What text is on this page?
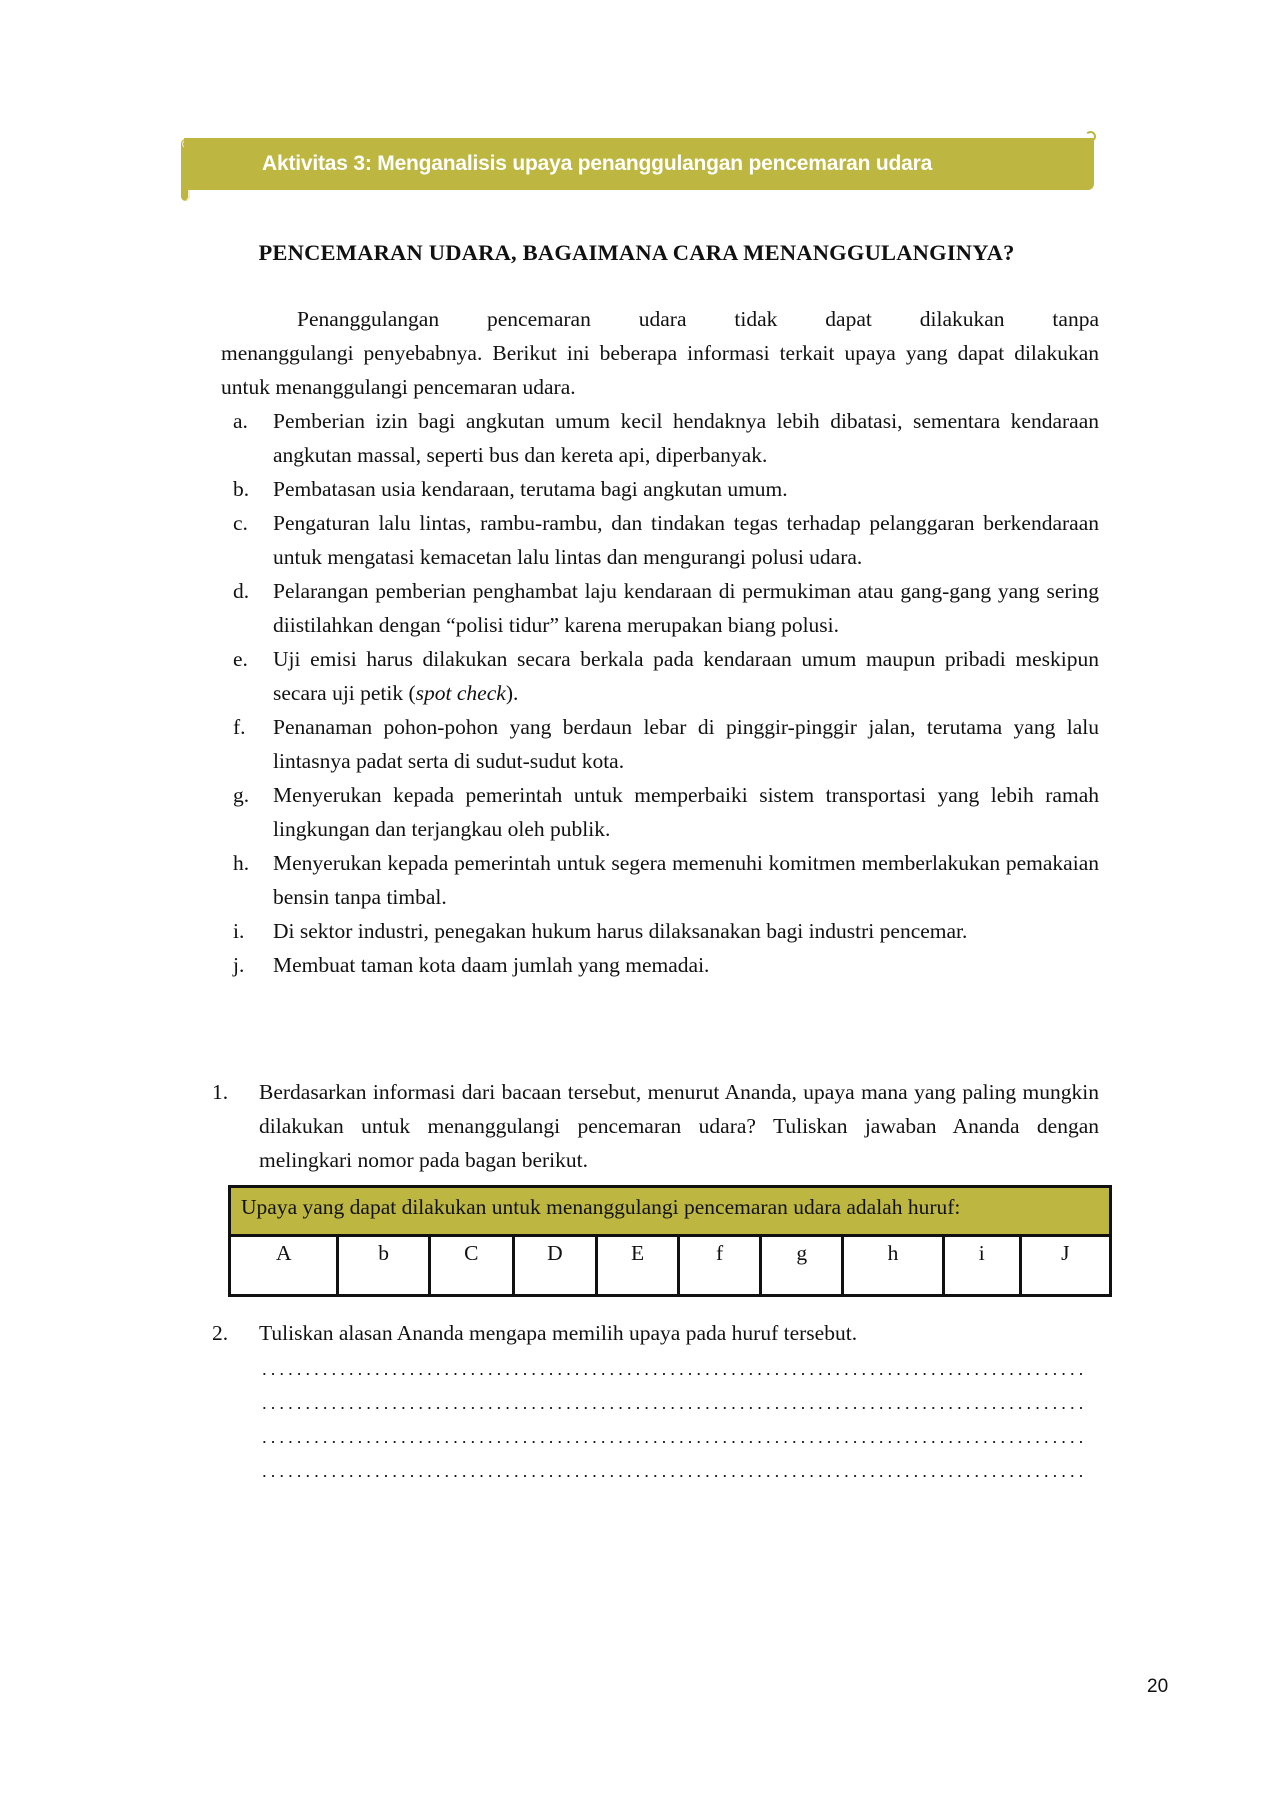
Aktivitas 3: Menganalisis upaya penanggulangan pencemaran udara
PENCEMARAN UDARA, BAGAIMANA CARA MENANGGULANGINYA?
Penanggulangan pencemaran udara tidak dapat dilakukan tanpa
menanggulangi penyebabnya. Berikut ini beberapa informasi terkait upaya yang dapat dilakukan untuk menanggulangi pencemaran udara.
a.	Pemberian izin bagi angkutan umum kecil hendaknya lebih dibatasi, sementara kendaraan angkutan massal, seperti bus dan kereta api, diperbanyak.
b.	Pembatasan usia kendaraan, terutama bagi angkutan umum.
c.	Pengaturan lalu lintas, rambu-rambu, dan tindakan tegas terhadap pelanggaran berkendaraan untuk mengatasi kemacetan lalu lintas dan mengurangi polusi udara.
d.	Pelarangan pemberian penghambat laju kendaraan di permukiman atau gang-gang yang sering diistilahkan dengan “polisi tidur” karena merupakan biang polusi.
e.	Uji emisi harus dilakukan secara berkala pada kendaraan umum maupun pribadi meskipun secara uji petik (spot check).
f.	Penanaman pohon-pohon yang berdaun lebar di pinggir-pinggir jalan, terutama yang lalu lintasnya padat serta di sudut-sudut kota.
g.	Menyerukan kepada pemerintah untuk memperbaiki sistem transportasi yang lebih ramah lingkungan dan terjangkau oleh publik.
h.	Menyerukan kepada pemerintah untuk segera memenuhi komitmen memberlakukan pemakaian bensin tanpa timbal.
i.	Di sektor industri, penegakan hukum harus dilaksanakan bagi industri pencemar.
j.	Membuat taman kota daam jumlah yang memadai.
1. Berdasarkan informasi dari bacaan tersebut, menurut Ananda, upaya mana yang paling mungkin dilakukan untuk menanggulangi pencemaran udara? Tuliskan jawaban Ananda dengan melingkari nomor pada bagan berikut.
Upaya yang dapat dilakukan untuk menanggulangi pencemaran udara adalah huruf:
A	b	C	D	E	f	g	h	i	J
2. Tuliskan alasan Ananda mengapa memilih upaya pada huruf tersebut.
20
